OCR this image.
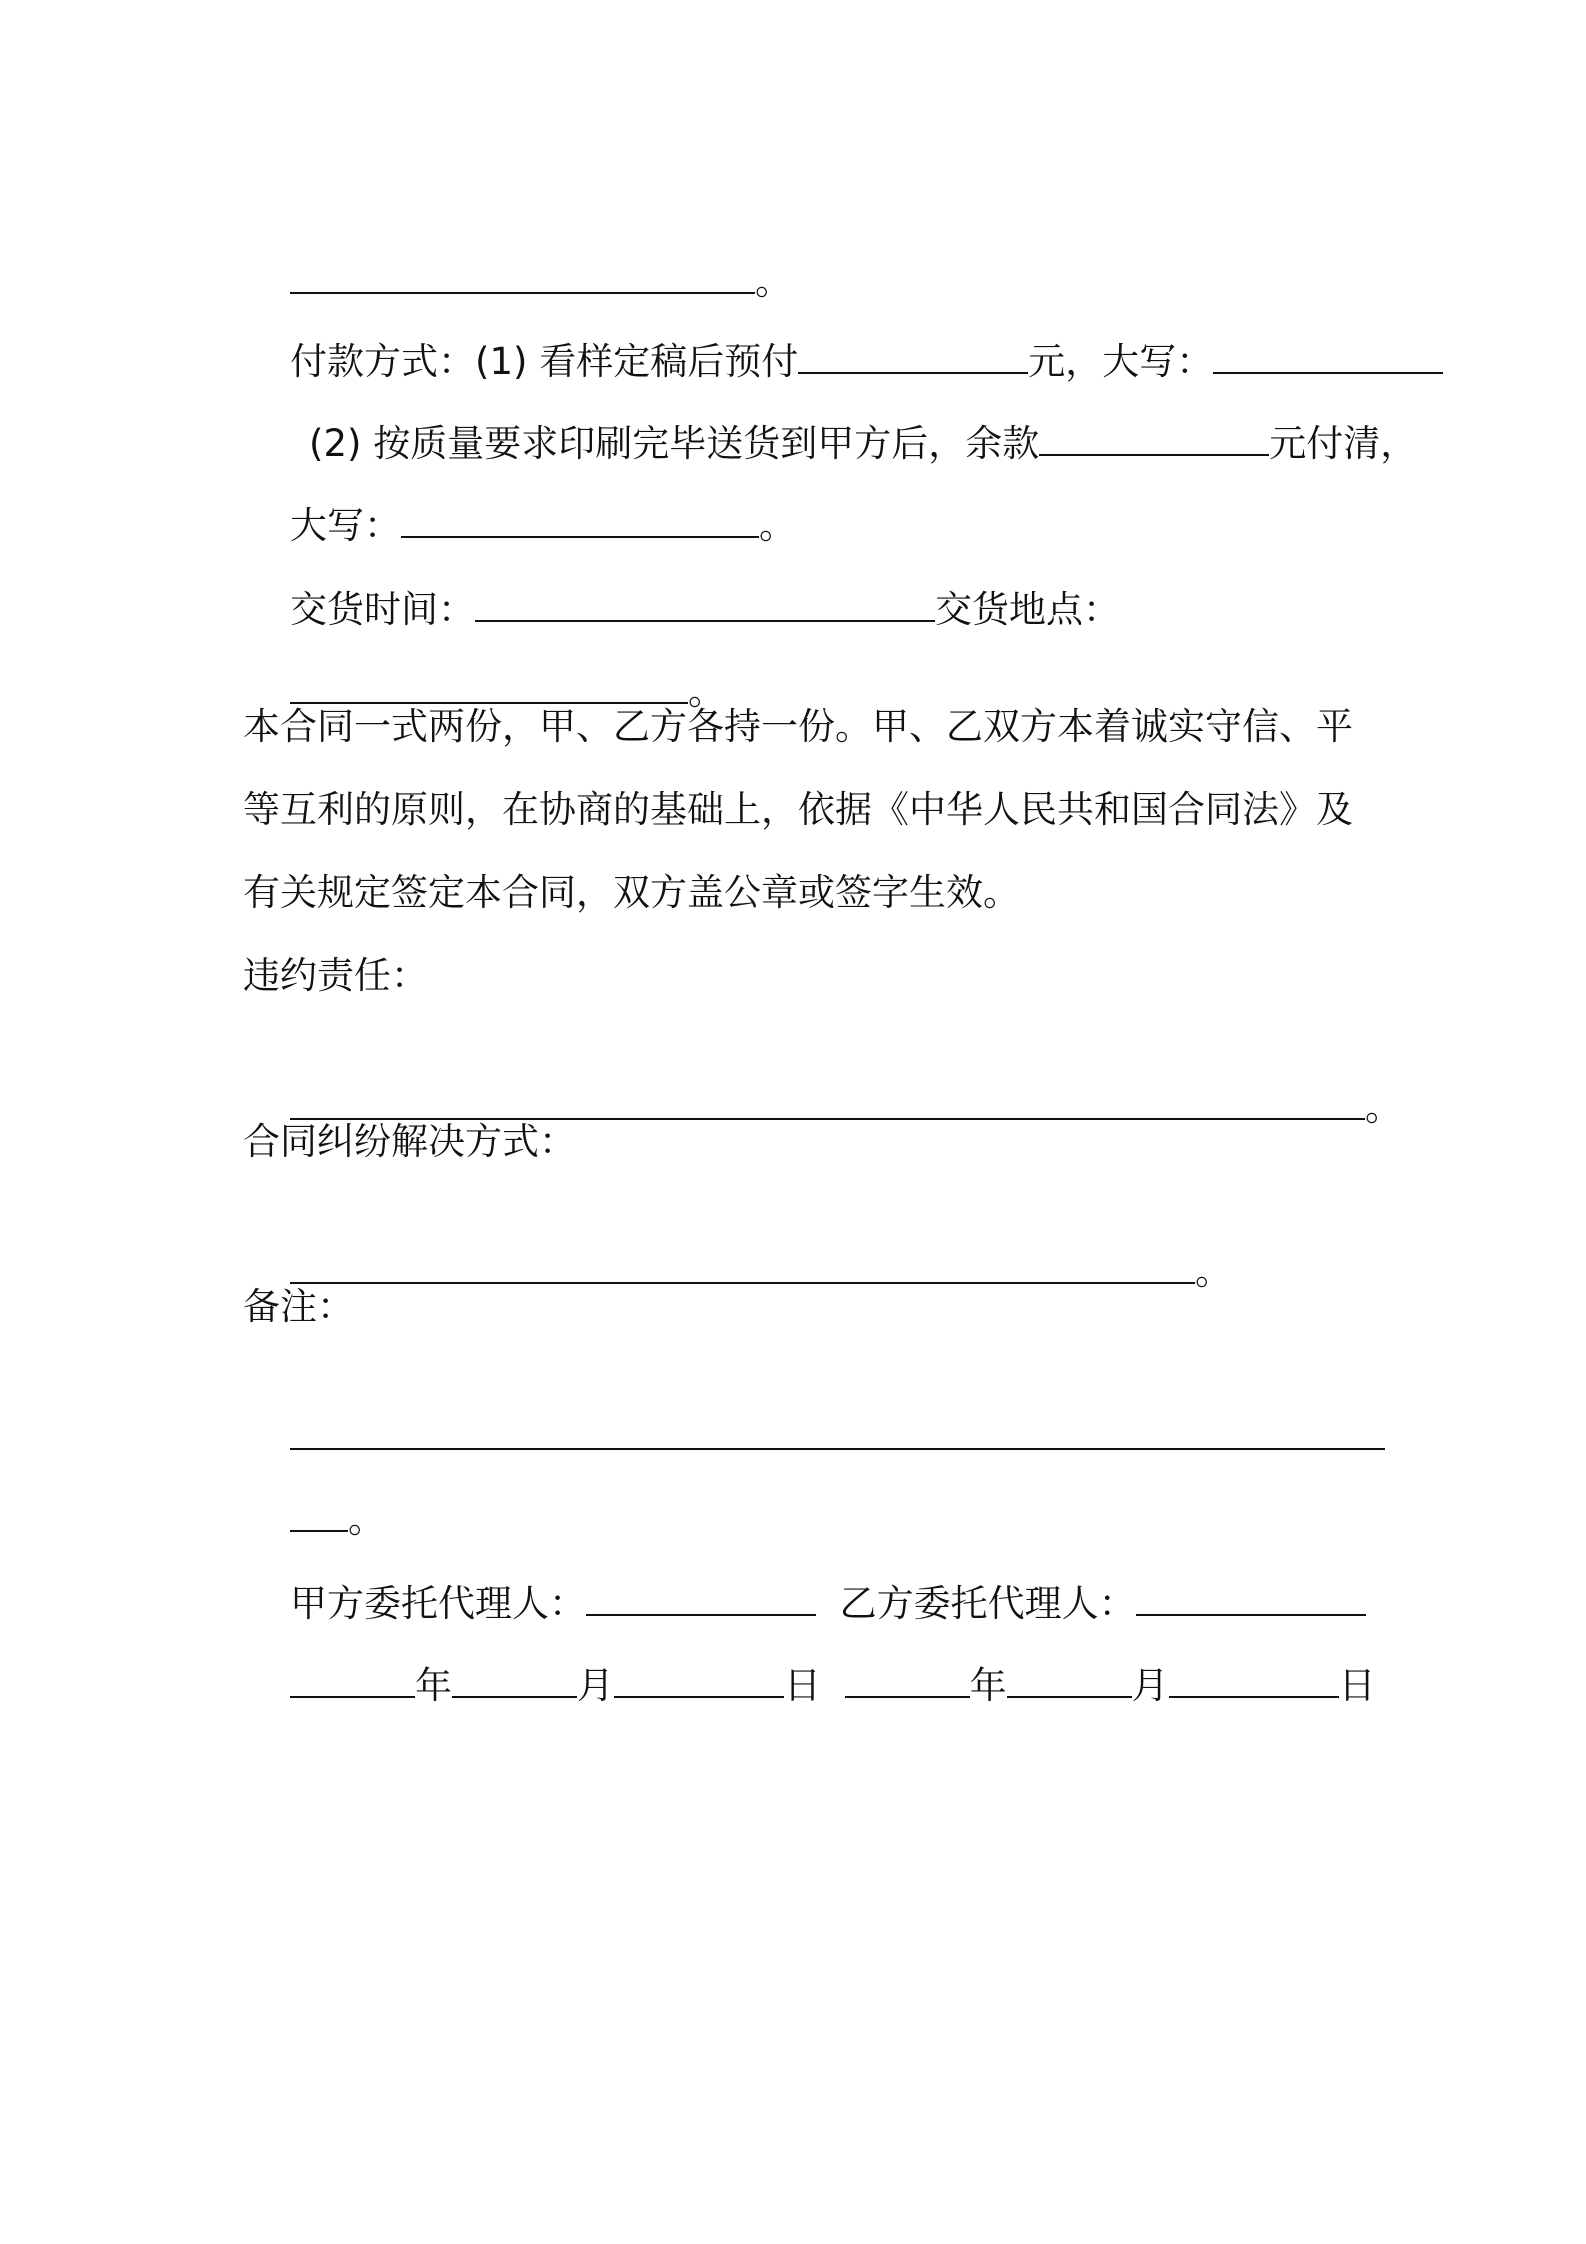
。

付款方式：(1) 看样定稿后预付	元，大写：

(2) 按质量要求印刷完毕送货到甲方后，余款	元付清，

大写：	。

交货时间：	交货地点：

。

本合同一式两份，甲、乙方各持一份。甲、乙双方本着诚实守信、平
等互利的原则，在协商的基础上，依据《中华人民共和国合同法》及
有关规定签定本合同，双方盖公章或签字生效。
违约责任：

。

合同纠纷解决方式：

。

备注：

。

甲方委托代理人：	乙方委托代理人：

年	月	日	年	月	日
